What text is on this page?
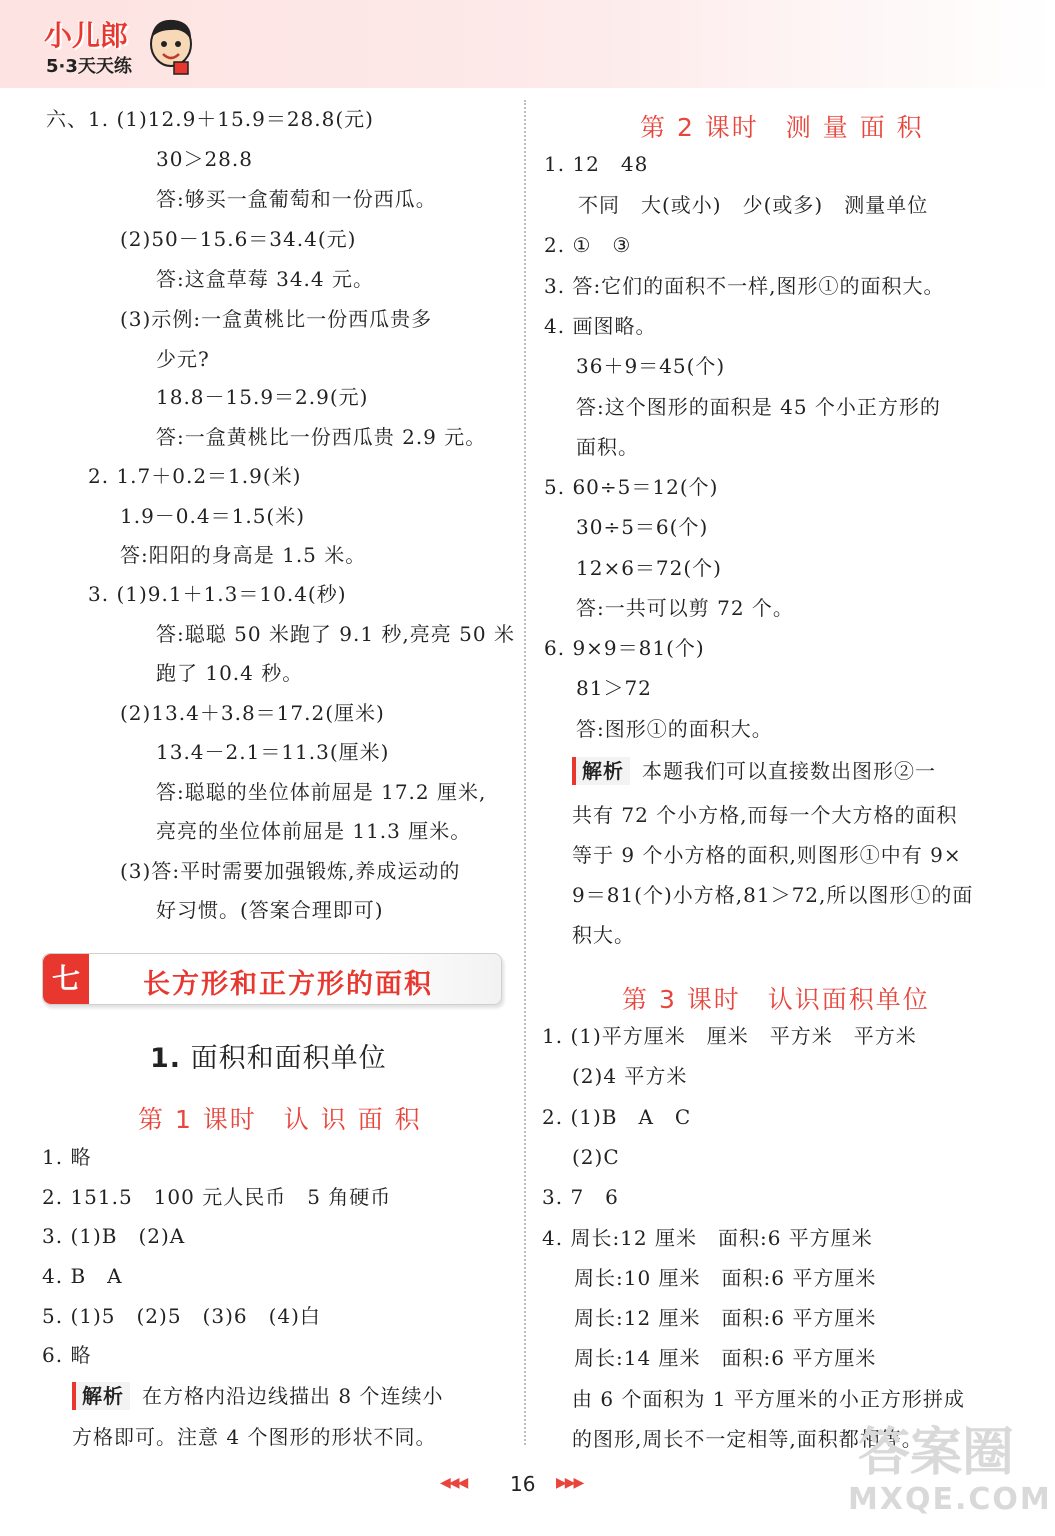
小儿郎
5·3天天练
六、1. (1)12.9＋15.9＝28.8(元)
30＞28.8
答:够买一盒葡萄和一份西瓜。
(2)50－15.6＝34.4(元)
答:这盒草莓 34.4 元。
(3)示例:一盒黄桃比一份西瓜贵多
少元?
18.8－15.9＝2.9(元)
答:一盒黄桃比一份西瓜贵 2.9 元。
2. 1.7＋0.2＝1.9(米)
1.9－0.4＝1.5(米)
答:阳阳的身高是 1.5 米。
3. (1)9.1＋1.3＝10.4(秒)
答:聪聪 50 米跑了 9.1 秒,亮亮 50 米
跑了 10.4 秒。
(2)13.4＋3.8＝17.2(厘米)
13.4－2.1＝11.3(厘米)
答:聪聪的坐位体前屈是 17.2 厘米,
亮亮的坐位体前屈是 11.3 厘米。
(3)答:平时需要加强锻炼,养成运动的
好习惯。(答案合理即可)
七	长方形和正方形的面积
1. 面积和面积单位
第 1 课时　认 识 面 积
1. 略
2. 151.5　100 元人民币　5 角硬币
3. (1)B　(2)A
4. B　A
5. (1)5　(2)5　(3)6　(4)白
6. 略
解析 在方格内沿边线描出 8 个连续小
方格即可。注意 4 个图形的形状不同。
第 2 课时　测 量 面 积
1. 12　48
不同　大(或小)　少(或多)　测量单位
2. ①　③
3. 答:它们的面积不一样,图形①的面积大。
4. 画图略。
36＋9＝45(个)
答:这个图形的面积是 45 个小正方形的
面积。
5. 60÷5＝12(个)
30÷5＝6(个)
12×6＝72(个)
答:一共可以剪 72 个。
6. 9×9＝81(个)
81＞72
答:图形①的面积大。
解析 本题我们可以直接数出图形②一
共有 72 个小方格,而每一个大方格的面积
等于 9 个小方格的面积,则图形①中有 9×
9＝81(个)小方格,81＞72,所以图形①的面
积大。
第 3 课时　认识面积单位
1. (1)平方厘米　厘米　平方米　平方米
(2)4 平方米
2. (1)B　A　C
(2)C
3. 7　6
4. 周长:12 厘米　面积:6 平方厘米
周长:10 厘米　面积:6 平方厘米
周长:12 厘米　面积:6 平方厘米
周长:14 厘米　面积:6 平方厘米
由 6 个面积为 1 平方厘米的小正方形拼成
的图形,周长不一定相等,面积都相等。
◀◀◀ 16 ▶▶▶	答案圈
MXQE.COM
